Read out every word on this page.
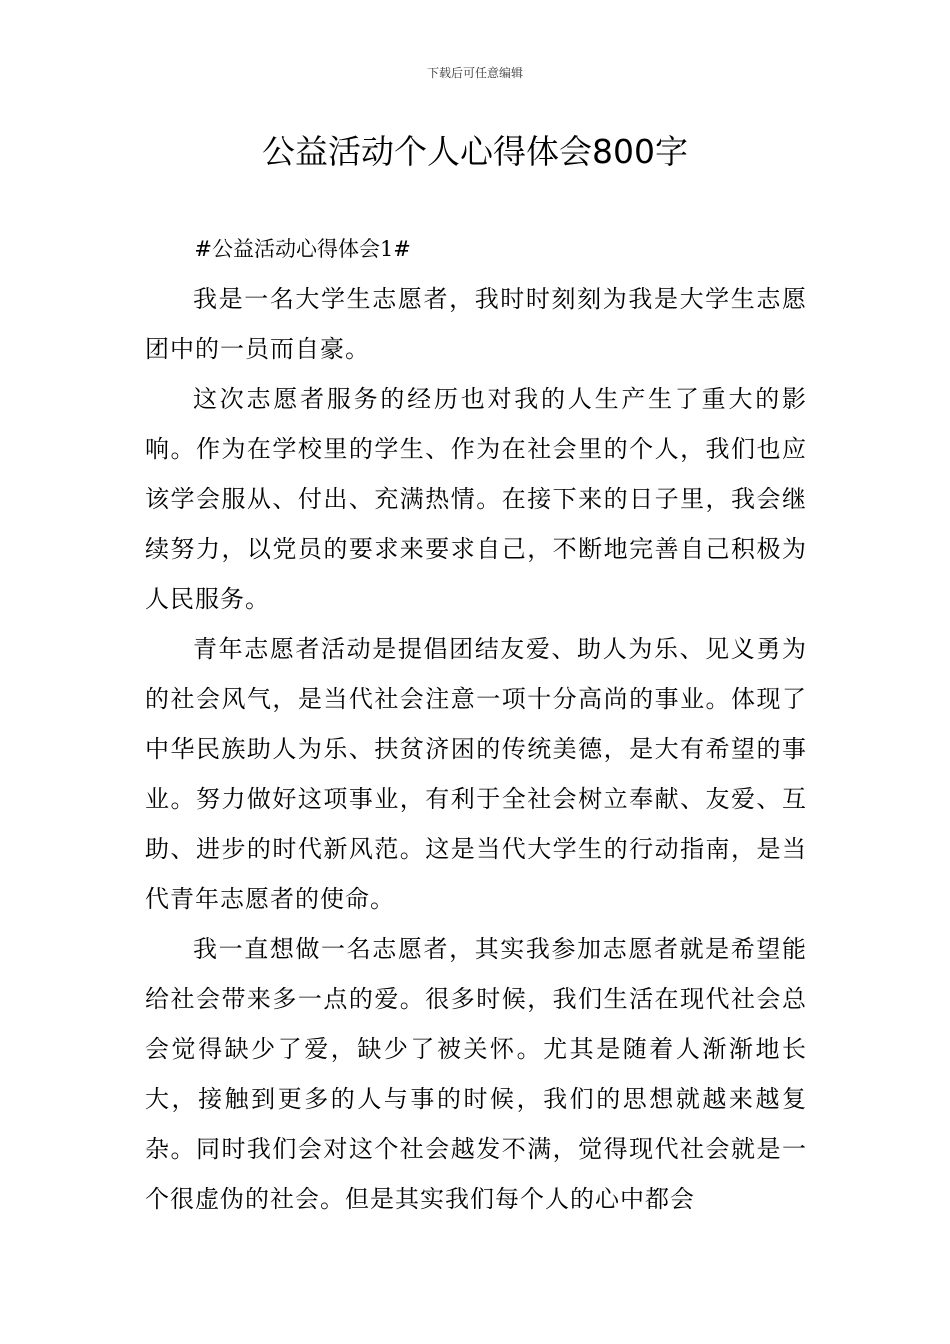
下载后可任意编辑
公益活动个人心得体会800字

#公益活动心得体会1#

我是一名大学生志愿者，我时时刻刻为我是大学生志愿团中的一员而自豪。

这次志愿者服务的经历也对我的人生产生了重大的影响。作为在学校里的学生、作为在社会里的个人，我们也应该学会服从、付出、充满热情。在接下来的日子里，我会继续努力，以党员的要求来要求自己，不断地完善自己积极为人民服务。

青年志愿者活动是提倡团结友爱、助人为乐、见义勇为的社会风气，是当代社会注意一项十分高尚的事业。体现了中华民族助人为乐、扶贫济困的传统美德，是大有希望的事业。努力做好这项事业，有利于全社会树立奉献、友爱、互助、进步的时代新风范。这是当代大学生的行动指南，是当代青年志愿者的使命。

我一直想做一名志愿者，其实我参加志愿者就是希望能给社会带来多一点的爱。很多时候，我们生活在现代社会总会觉得缺少了爱，缺少了被关怀。尤其是随着人渐渐地长大，接触到更多的人与事的时候，我们的思想就越来越复杂。同时我们会对这个社会越发不满，觉得现代社会就是一个很虚伪的社会。但是其实我们每个人的心中都会
